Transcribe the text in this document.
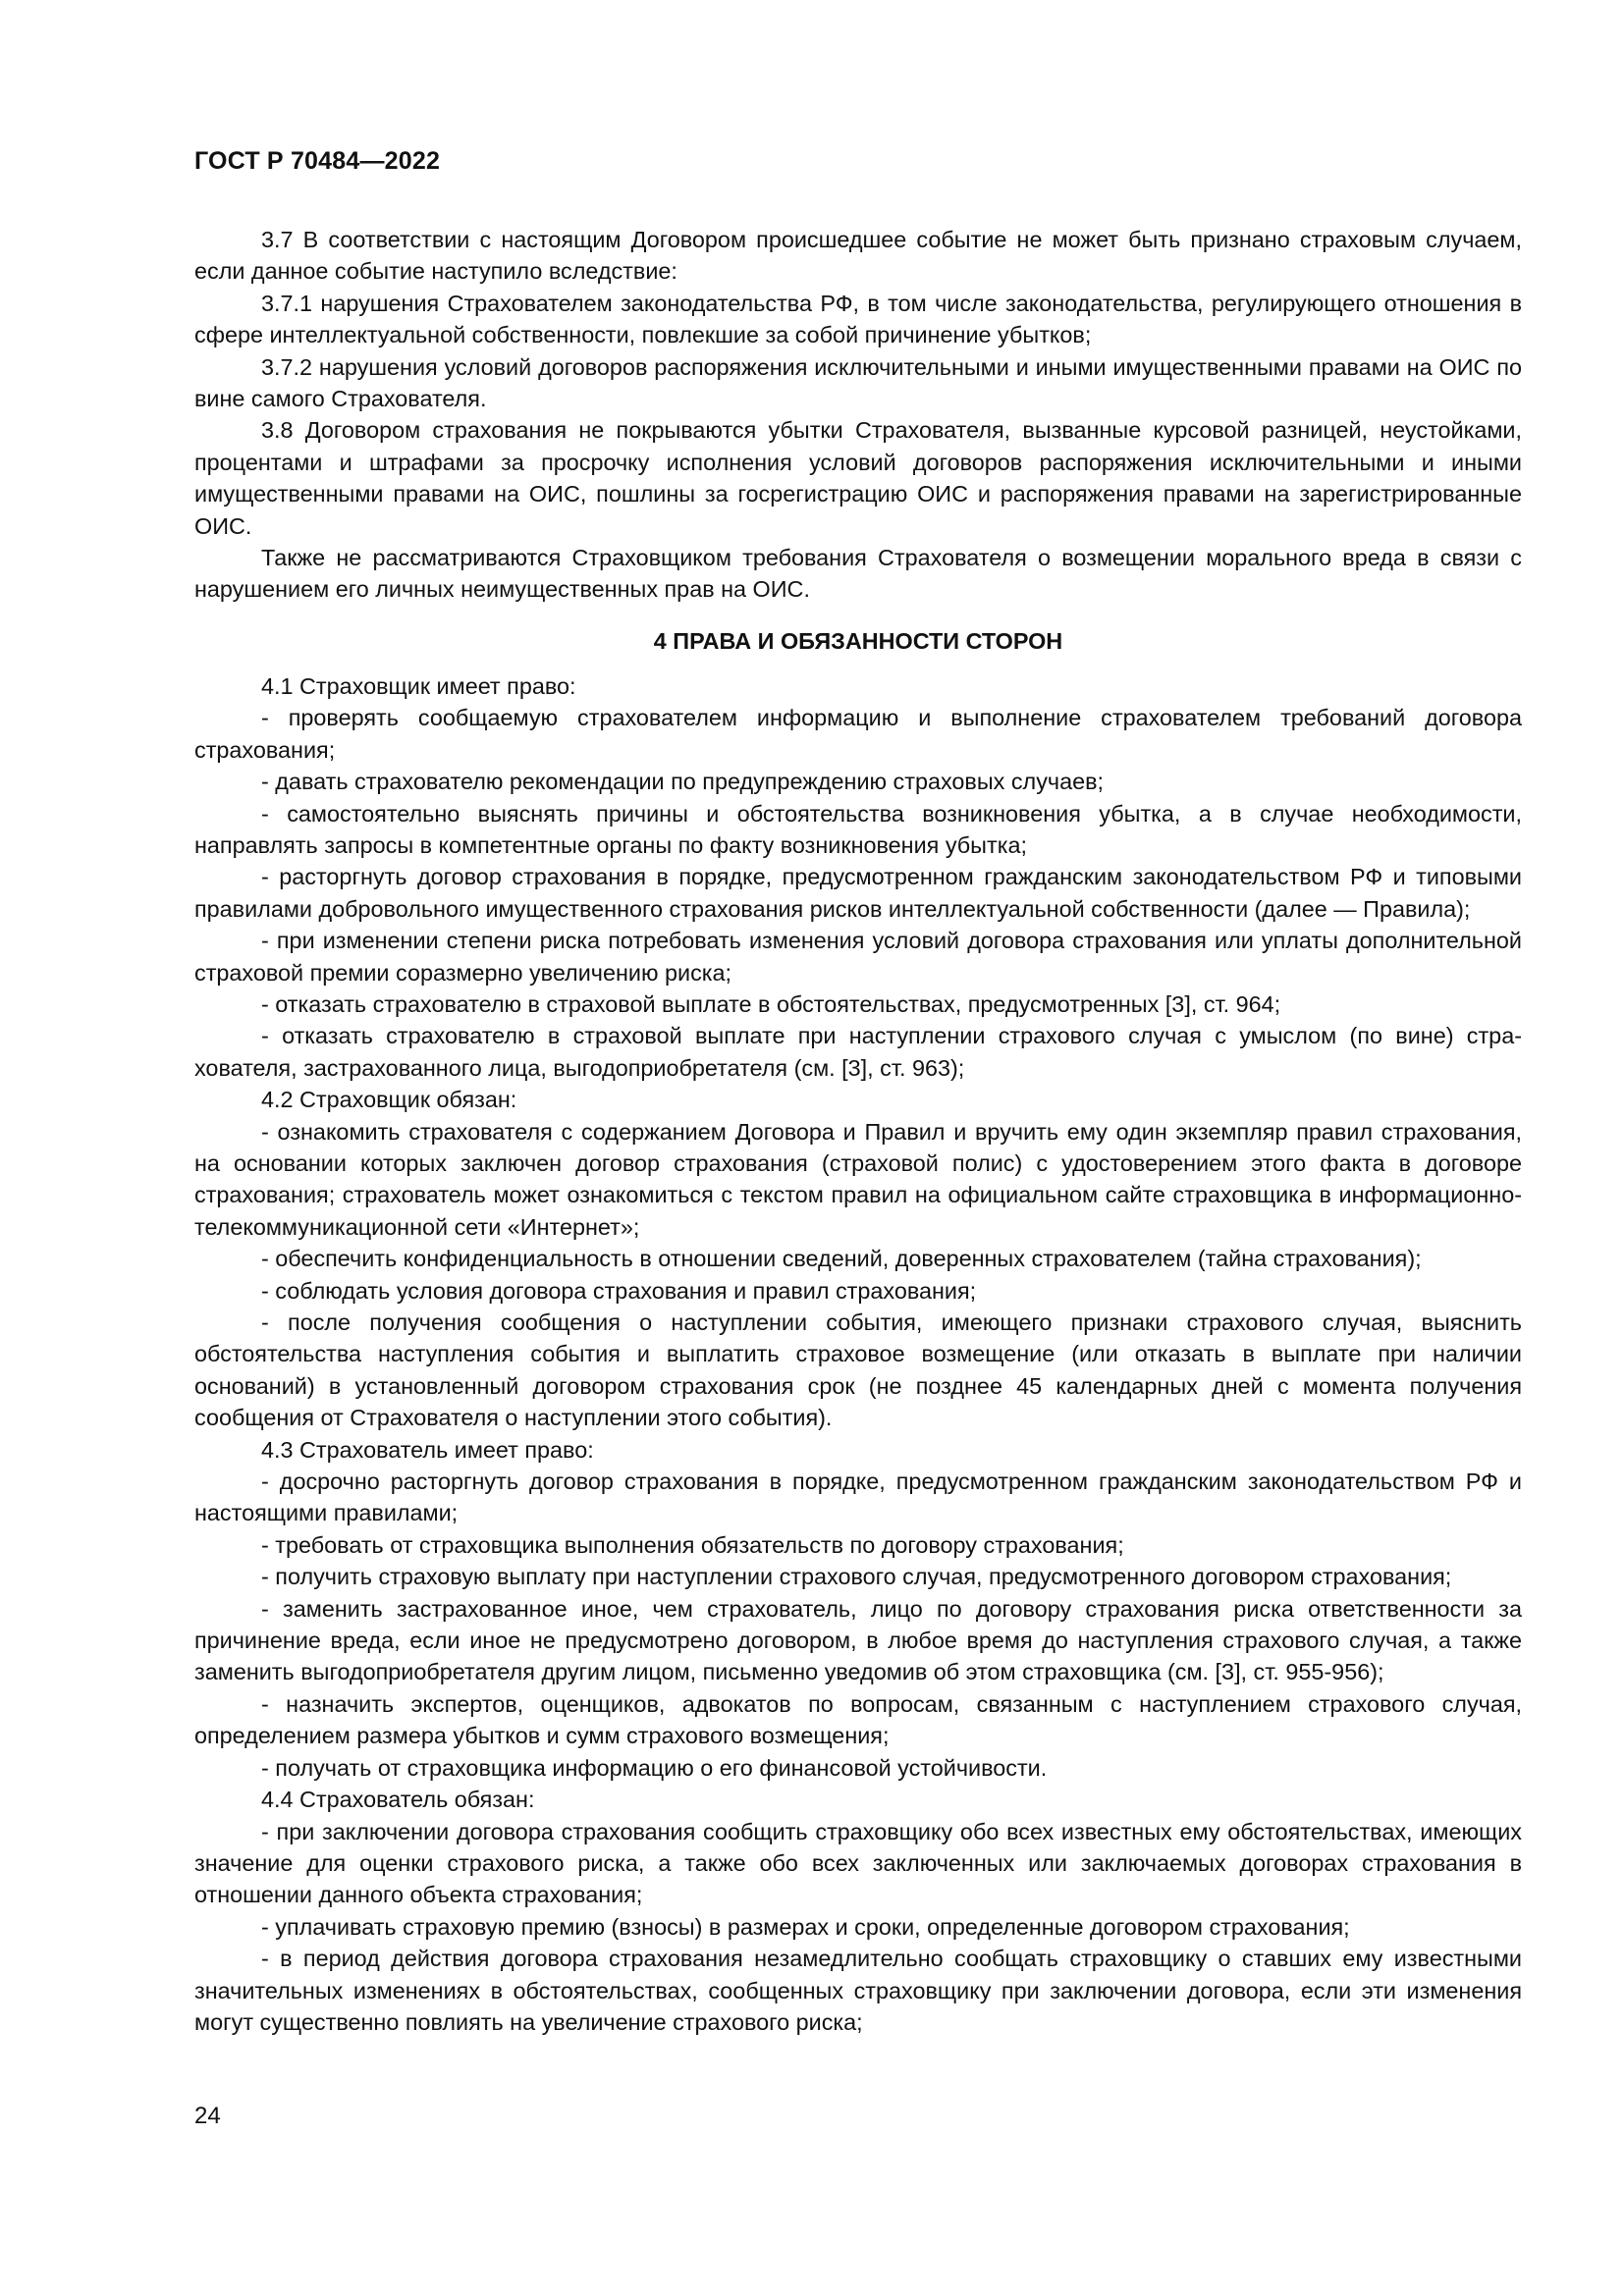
ГОСТ Р 70484—2022

3.7 В соответствии с настоящим Договором происшедшее событие не может быть признано страховым случаем, если данное событие наступило вследствие:

3.7.1 нарушения Страхователем законодательства РФ, в том числе законодательства, регулирующего отношения в сфере интеллектуальной собственности, повлекшие за собой причинение убытков;

3.7.2 нарушения условий договоров распоряжения исключительными и иными имущественными правами на ОИС по вине самого Страхователя.

3.8 Договором страхования не покрываются убытки Страхователя, вызванные курсовой разницей, неустойками, процентами и штрафами за просрочку исполнения условий договоров распоряжения исключительными и иными имущественными правами на ОИС, пошлины за госрегистрацию ОИС и распоряжения правами на зарегистрированные ОИС.

Также не рассматриваются Страховщиком требования Страхователя о возмещении морального вреда в связи с нарушением его личных неимущественных прав на ОИС.

4 ПРАВА И ОБЯЗАННОСТИ СТОРОН

4.1 Страховщик имеет право:

- проверять сообщаемую страхователем информацию и выполнение страхователем требований договора страхования;

- давать страхователю рекомендации по предупреждению страховых случаев;

- самостоятельно выяснять причины и обстоятельства возникновения убытка, а в случае необходимости, направлять запросы в компетентные органы по факту возникновения убытка;

- расторгнуть договор страхования в порядке, предусмотренном гражданским законодательством РФ и типовыми правилами добровольного имущественного страхования рисков интеллектуальной собственности (далее — Правила);

- при изменении степени риска потребовать изменения условий договора страхования или уплаты дополнительной страховой премии соразмерно увеличению риска;

- отказать страхователю в страховой выплате в обстоятельствах, предусмотренных [3], ст. 964;

- отказать страхователю в страховой выплате при наступлении страхового случая с умыслом (по вине) страхователя, застрахованного лица, выгодоприобретателя (см. [3], ст. 963);

4.2 Страховщик обязан:

- ознакомить страхователя с содержанием Договора и Правил и вручить ему один экземпляр правил страхования, на основании которых заключен договор страхования (страховой полис) с удостоверением этого факта в договоре страхования; страхователь может ознакомиться с текстом правил на официальном сайте страховщика в информационно-телекоммуникационной сети «Интернет»;

- обеспечить конфиденциальность в отношении сведений, доверенных страхователем (тайна страхования);

- соблюдать условия договора страхования и правил страхования;

- после получения сообщения о наступлении события, имеющего признаки страхового случая, выяснить обстоятельства наступления события и выплатить страховое возмещение (или отказать в выплате при наличии оснований) в установленный договором страхования срок (не позднее 45 календарных дней с момента получения сообщения от Страхователя о наступлении этого события).

4.3 Страхователь имеет право:

- досрочно расторгнуть договор страхования в порядке, предусмотренном гражданским законодательством РФ и настоящими правилами;

- требовать от страховщика выполнения обязательств по договору страхования;

- получить страховую выплату при наступлении страхового случая, предусмотренного договором страхования;

- заменить застрахованное иное, чем страхователь, лицо по договору страхования риска ответственности за причинение вреда, если иное не предусмотрено договором, в любое время до наступления страхового случая, а также заменить выгодоприобретателя другим лицом, письменно уведомив об этом страховщика (см. [3], ст. 955-956);

- назначить экспертов, оценщиков, адвокатов по вопросам, связанным с наступлением страхового случая, определением размера убытков и сумм страхового возмещения;

- получать от страховщика информацию о его финансовой устойчивости.

4.4 Страхователь обязан:

- при заключении договора страхования сообщить страховщику обо всех известных ему обстоятельствах, имеющих значение для оценки страхового риска, а также обо всех заключенных или заключаемых договорах страхования в отношении данного объекта страхования;

- уплачивать страховую премию (взносы) в размерах и сроки, определенные договором страхования;

- в период действия договора страхования незамедлительно сообщать страховщику о ставших ему известными значительных изменениях в обстоятельствах, сообщенных страховщику при заключении договора, если эти изменения могут существенно повлиять на увеличение страхового риска;

24
